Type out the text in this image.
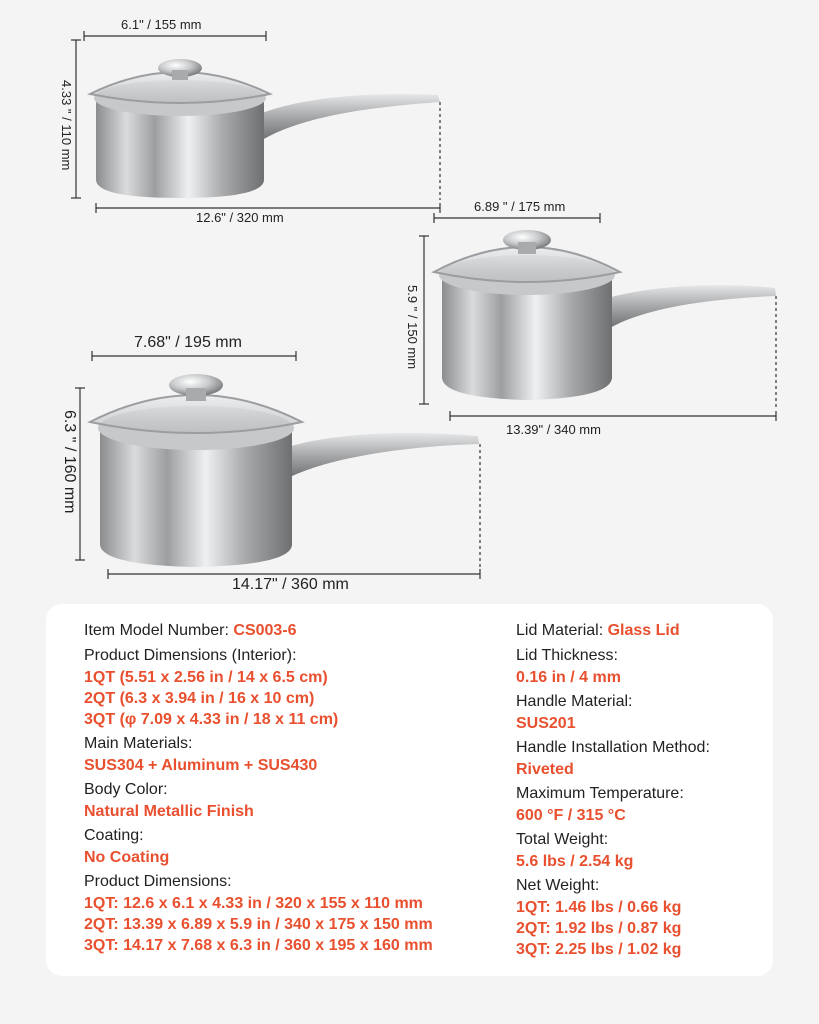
6.1" / 155 mm
4.33 " / 110 mm
12.6" / 320 mm
6.89 " / 175 mm
5.9 " / 150 mm
13.39" / 340 mm
7.68" / 195 mm
6.3 " / 160 mm
14.17" / 360 mm
Item Model Number: CS003-6
Product Dimensions (Interior):
1QT (5.51 x 2.56 in / 14 x 6.5 cm)
2QT (6.3 x 3.94 in / 16 x 10 cm)
3QT (φ 7.09 x 4.33 in / 18 x 11 cm)
Main Materials:
SUS304 + Aluminum + SUS430
Body Color:
Natural Metallic Finish
Coating:
No Coating
Product Dimensions:
1QT: 12.6 x 6.1 x 4.33 in / 320 x 155 x 110 mm
2QT: 13.39 x 6.89 x 5.9 in / 340 x 175 x 150 mm
3QT: 14.17 x 7.68 x 6.3 in / 360 x 195 x 160 mm
Lid Material: Glass Lid
Lid Thickness:
0.16 in / 4 mm
Handle Material:
SUS201
Handle Installation Method:
Riveted
Maximum Temperature:
600 °F / 315 °C
Total Weight:
5.6 lbs / 2.54 kg
Net Weight:
1QT: 1.46 lbs / 0.66 kg
2QT: 1.92 lbs / 0.87 kg
3QT: 2.25 lbs / 1.02 kg
